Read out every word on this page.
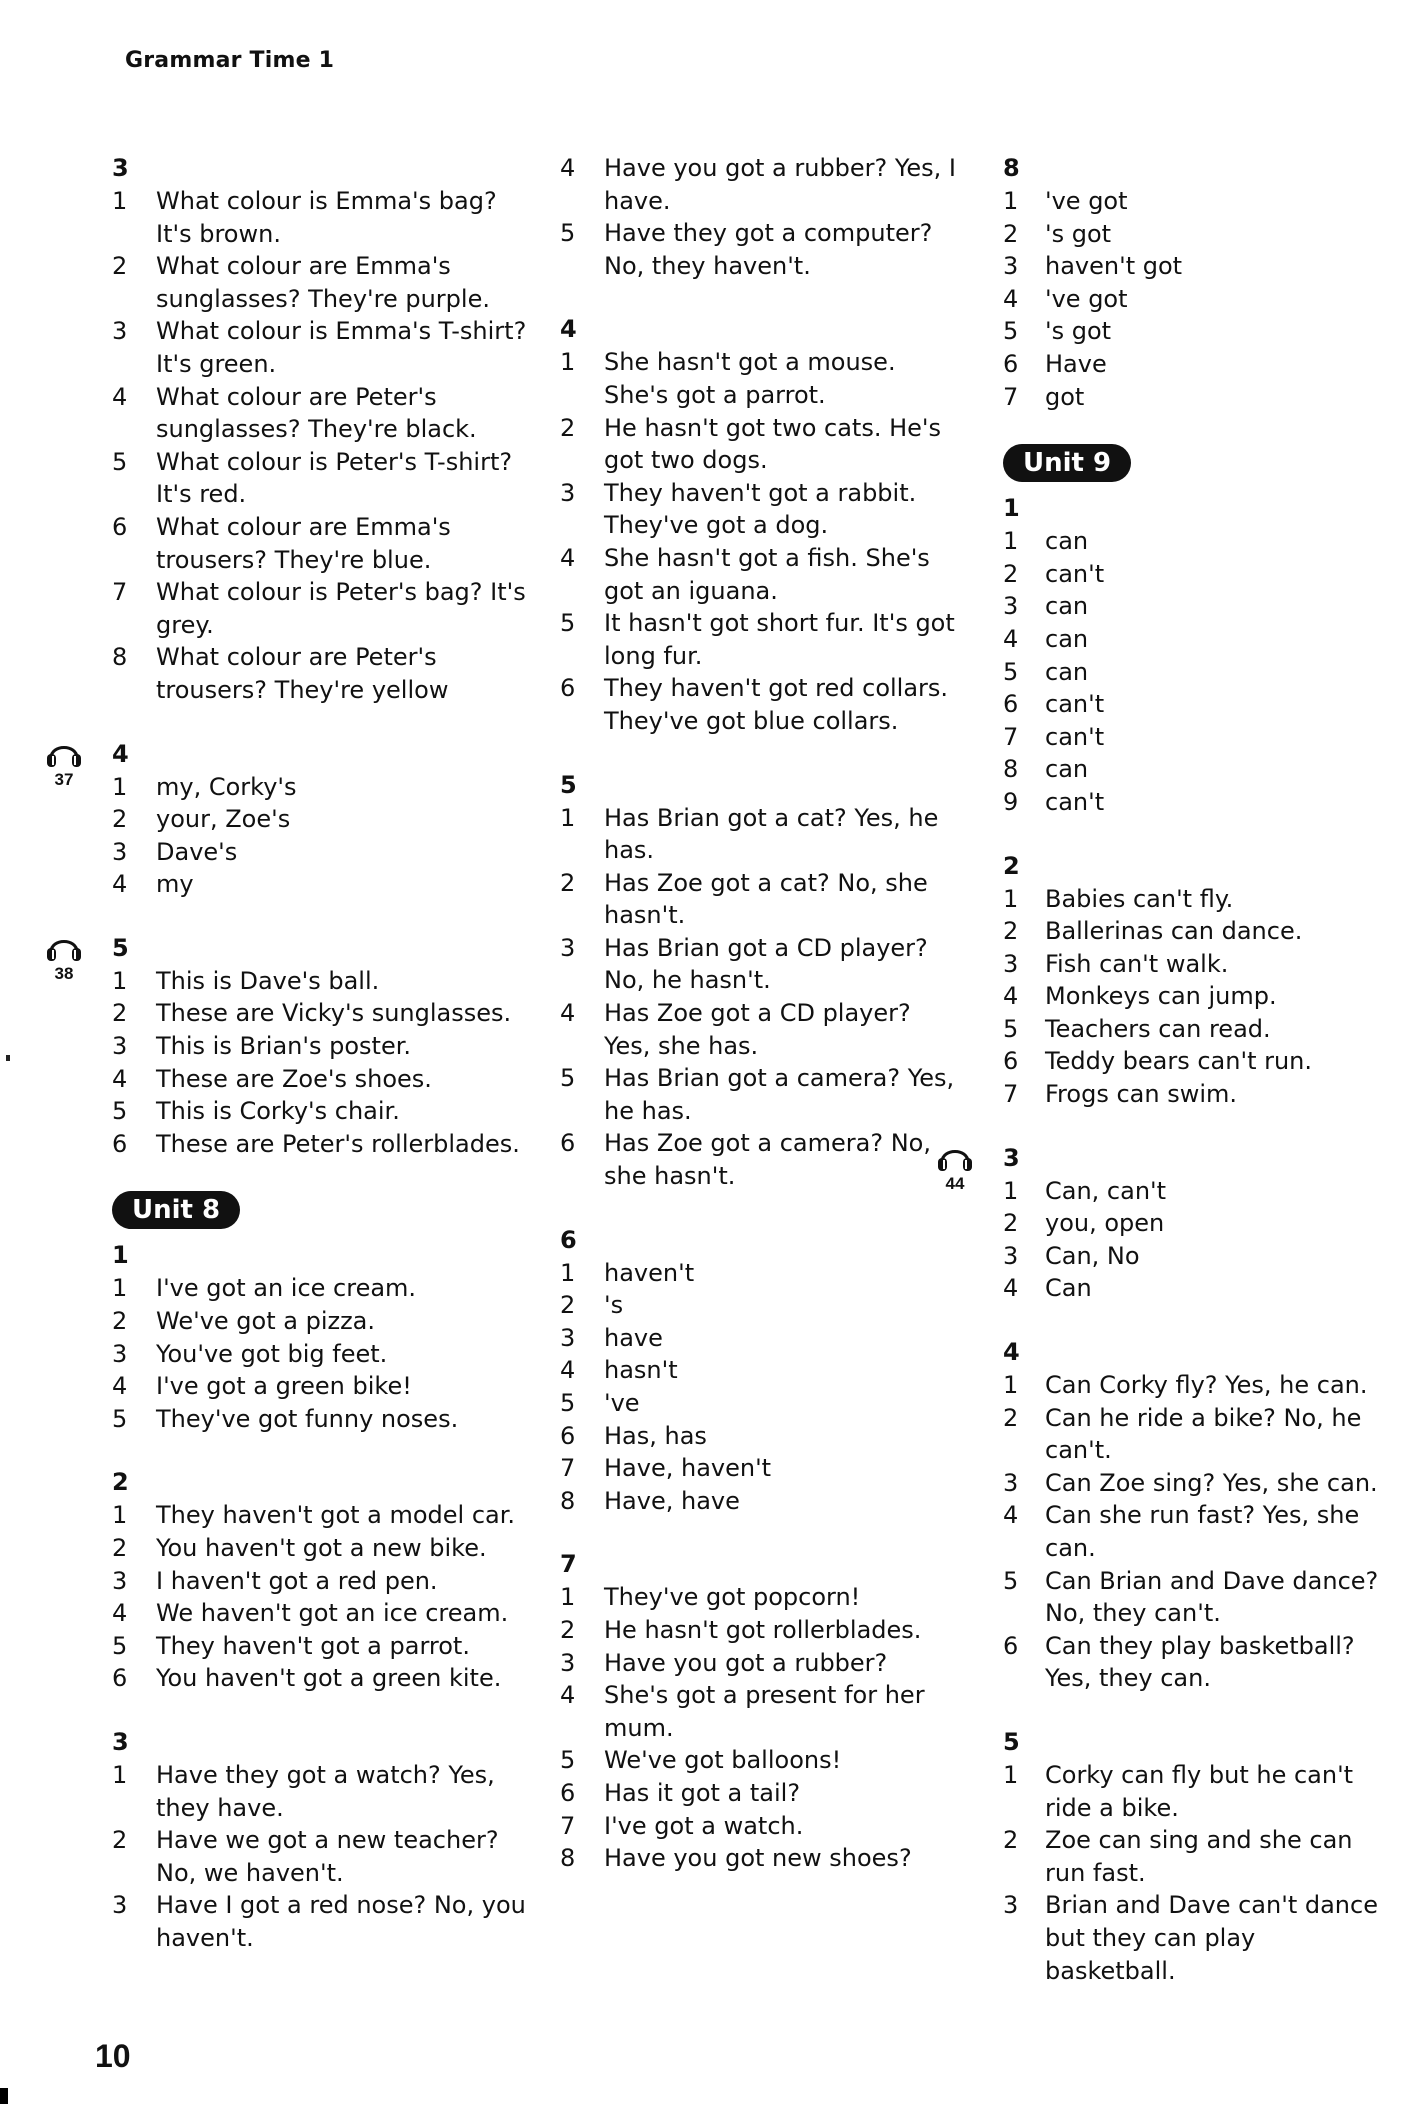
Grammar Time 1
3
1	What colour is Emma's bag? It's brown.
2	What colour are Emma's sunglasses? They're purple.
3	What colour is Emma's T-shirt? It's green.
4	What colour are Peter's sunglasses? They're black.
5	What colour is Peter's T-shirt? It's red.
6	What colour are Emma's trousers? They're blue.
7	What colour is Peter's bag? It's grey.
8	What colour are Peter's trousers? They're yellow
4
1	my, Corky's
2	your, Zoe's
3	Dave's
4	my
37
5
1	This is Dave's ball.
2	These are Vicky's sunglasses.
3	This is Brian's poster.
4	These are Zoe's shoes.
5	This is Corky's chair.
6	These are Peter's rollerblades.
38
Unit 8
1
1	I've got an ice cream.
2	We've got a pizza.
3	You've got big feet.
4	I've got a green bike!
5	They've got funny noses.
2
1	They haven't got a model car.
2	You haven't got a new bike.
3	I haven't got a red pen.
4	We haven't got an ice cream.
5	They haven't got a parrot.
6	You haven't got a green kite.
3
1	Have they got a watch? Yes, they have.
2	Have we got a new teacher? No, we haven't.
3	Have I got a red nose? No, you haven't.
4	Have you got a rubber? Yes, I have.
5	Have they got a computer? No, they haven't.
4
1	She hasn't got a mouse. She's got a parrot.
2	He hasn't got two cats. He's got two dogs.
3	They haven't got a rabbit. They've got a dog.
4	She hasn't got a fish. She's got an iguana.
5	It hasn't got short fur. It's got long fur.
6	They haven't got red collars. They've got blue collars.
5
1	Has Brian got a cat? Yes, he has.
2	Has Zoe got a cat? No, she hasn't.
3	Has Brian got a CD player? No, he hasn't.
4	Has Zoe got a CD player? Yes, she has.
5	Has Brian got a camera? Yes, he has.
6	Has Zoe got a camera? No, she hasn't.
6
1	haven't
2	's
3	have
4	hasn't
5	've
6	Has, has
7	Have, haven't
8	Have, have
7
1	They've got popcorn!
2	He hasn't got rollerblades.
3	Have you got a rubber?
4	She's got a present for her mum.
5	We've got balloons!
6	Has it got a tail?
7	I've got a watch.
8	Have you got new shoes?
8
1	've got
2	's got
3	haven't got
4	've got
5	's got
6	Have
7	got
Unit 9
1
1	can
2	can't
3	can
4	can
5	can
6	can't
7	can't
8	can
9	can't
2
1	Babies can't fly.
2	Ballerinas can dance.
3	Fish can't walk.
4	Monkeys can jump.
5	Teachers can read.
6	Teddy bears can't run.
7	Frogs can swim.
3
1	Can, can't
2	you, open
3	Can, No
4	Can
44
4
1	Can Corky fly? Yes, he can.
2	Can he ride a bike? No, he can't.
3	Can Zoe sing? Yes, she can.
4	Can she run fast? Yes, she can.
5	Can Brian and Dave dance? No, they can't.
6	Can they play basketball? Yes, they can.
5
1	Corky can fly but he can't ride a bike.
2	Zoe can sing and she can run fast.
3	Brian and Dave can't dance but they can play basketball.
10
